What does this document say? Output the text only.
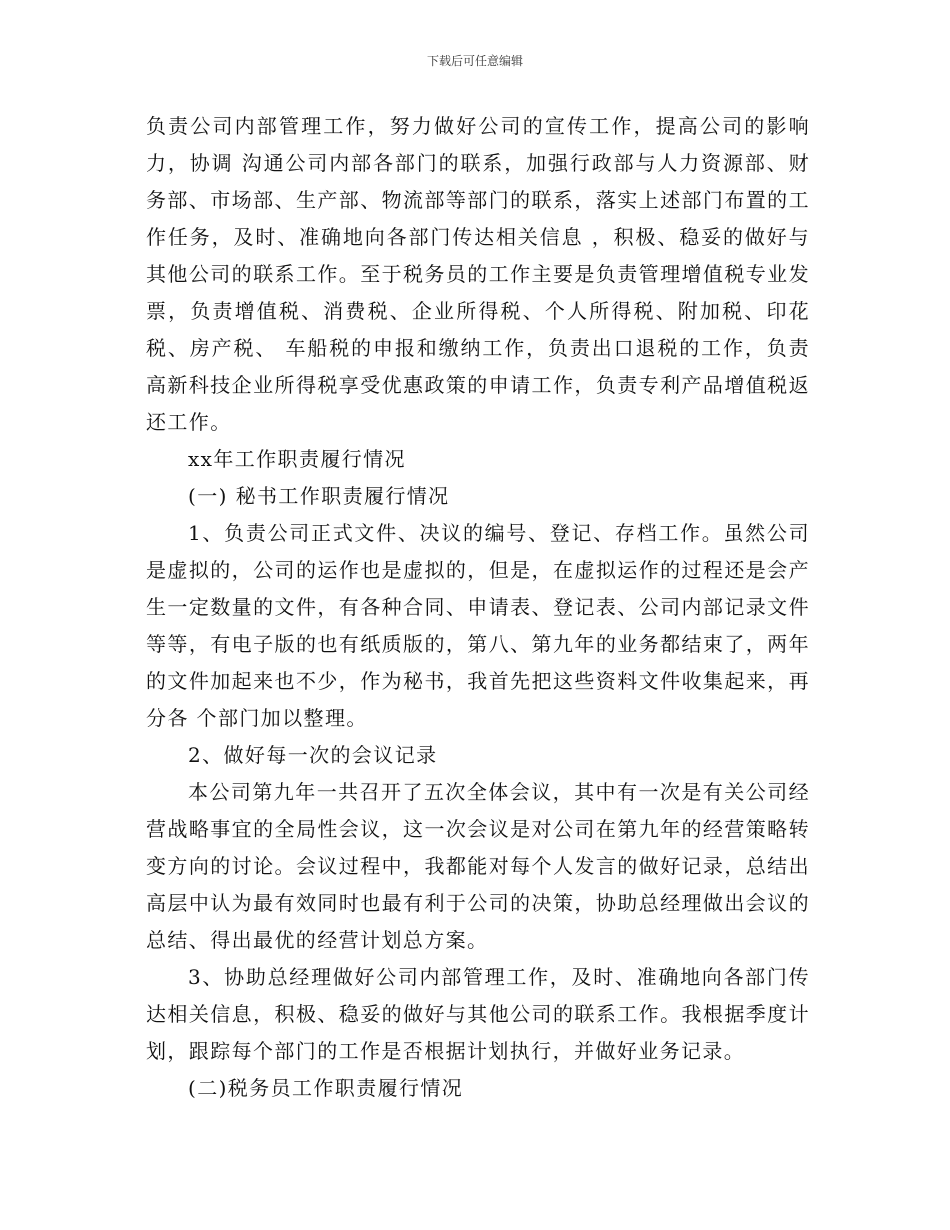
下载后可任意编辑

负责公司内部管理工作，努力做好公司的宣传工作，提高公司的影响力，协调 沟通公司内部各部门的联系，加强行政部与人力资源部、财务部、市场部、生产部、物流部等部门的联系，落实上述部门布置的工作任务，及时、准确地向各部门传达相关信息 ，积极、稳妥的做好与其他公司的联系工作。至于税务员的工作主要是负责管理增值税专业发票，负责增值税、消费税、企业所得税、个人所得税、附加税、印花税、房产税、 车船税的申报和缴纳工作，负责出口退税的工作，负责高新科技企业所得税享受优惠政策的申请工作，负责专利产品增值税返还工作。

xx年工作职责履行情况

(一) 秘书工作职责履行情况

1、负责公司正式文件、决议的编号、登记、存档工作。虽然公司是虚拟的，公司的运作也是虚拟的，但是，在虚拟运作的过程还是会产生一定数量的文件，有各种合同、申请表、登记表、公司内部记录文件等等，有电子版的也有纸质版的，第八、第九年的业务都结束了，两年的文件加起来也不少，作为秘书，我首先把这些资料文件收集起来，再分各 个部门加以整理。

2、做好每一次的会议记录

本公司第九年一共召开了五次全体会议，其中有一次是有关公司经营战略事宜的全局性会议，这一次会议是对公司在第九年的经营策略转变方向的讨论。会议过程中，我都能对每个人发言的做好记录，总结出高层中认为最有效同时也最有利于公司的决策，协助总经理做出会议的总结、得出最优的经营计划总方案。

3、协助总经理做好公司内部管理工作，及时、准确地向各部门传达相关信息，积极、稳妥的做好与其他公司的联系工作。我根据季度计划，跟踪每个部门的工作是否根据计划执行，并做好业务记录。

(二)税务员工作职责履行情况
